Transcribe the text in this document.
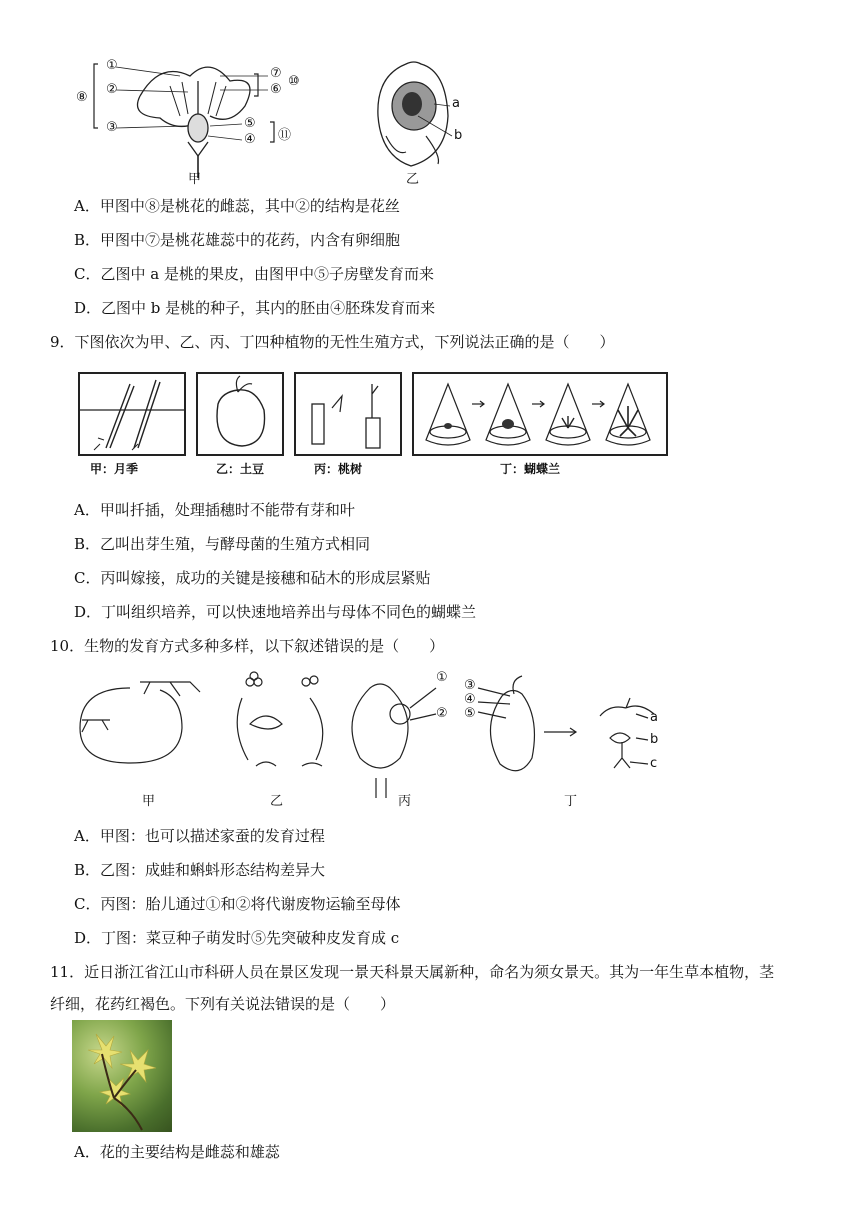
①
②
③
④
⑤
⑥
⑦
⑧
⑩
⑪
甲
a
b
乙
A．甲图中⑧是桃花的雌蕊，其中②的结构是花丝
B．甲图中⑦是桃花雄蕊中的花药，内含有卵细胞
C．乙图中 a 是桃的果皮，由图甲中⑤子房壁发育而来
D．乙图中 b 是桃的种子，其内的胚由④胚珠发育而来
9．下图依次为甲、乙、丙、丁四种植物的无性生殖方式，下列说法正确的是（　　）
甲：月季	乙：土豆	丙：桃树	丁：蝴蝶兰
A．甲叫扦插，处理插穗时不能带有芽和叶
B．乙叫出芽生殖，与酵母菌的生殖方式相同
C．丙叫嫁接，成功的关键是接穗和砧木的形成层紧贴
D．丁叫组织培养，可以快速地培养出与母体不同色的蝴蝶兰
10．生物的发育方式多种多样，以下叙述错误的是（　　）
①
②
③
④
⑤	a
b
c
甲	乙	丙	丁
A．甲图：也可以描述家蚕的发育过程
B．乙图：成蛙和蝌蚪形态结构差异大
C．丙图：胎儿通过①和②将代谢废物运输至母体
D．丁图：菜豆种子萌发时⑤先突破种皮发育成 c
11．近日浙江省江山市科研人员在景区发现一景天科景天属新种，命名为须女景天。其为一年生草本植物，茎
纤细，花药红褐色。下列有关说法错误的是（　　）
A．花的主要结构是雌蕊和雄蕊
